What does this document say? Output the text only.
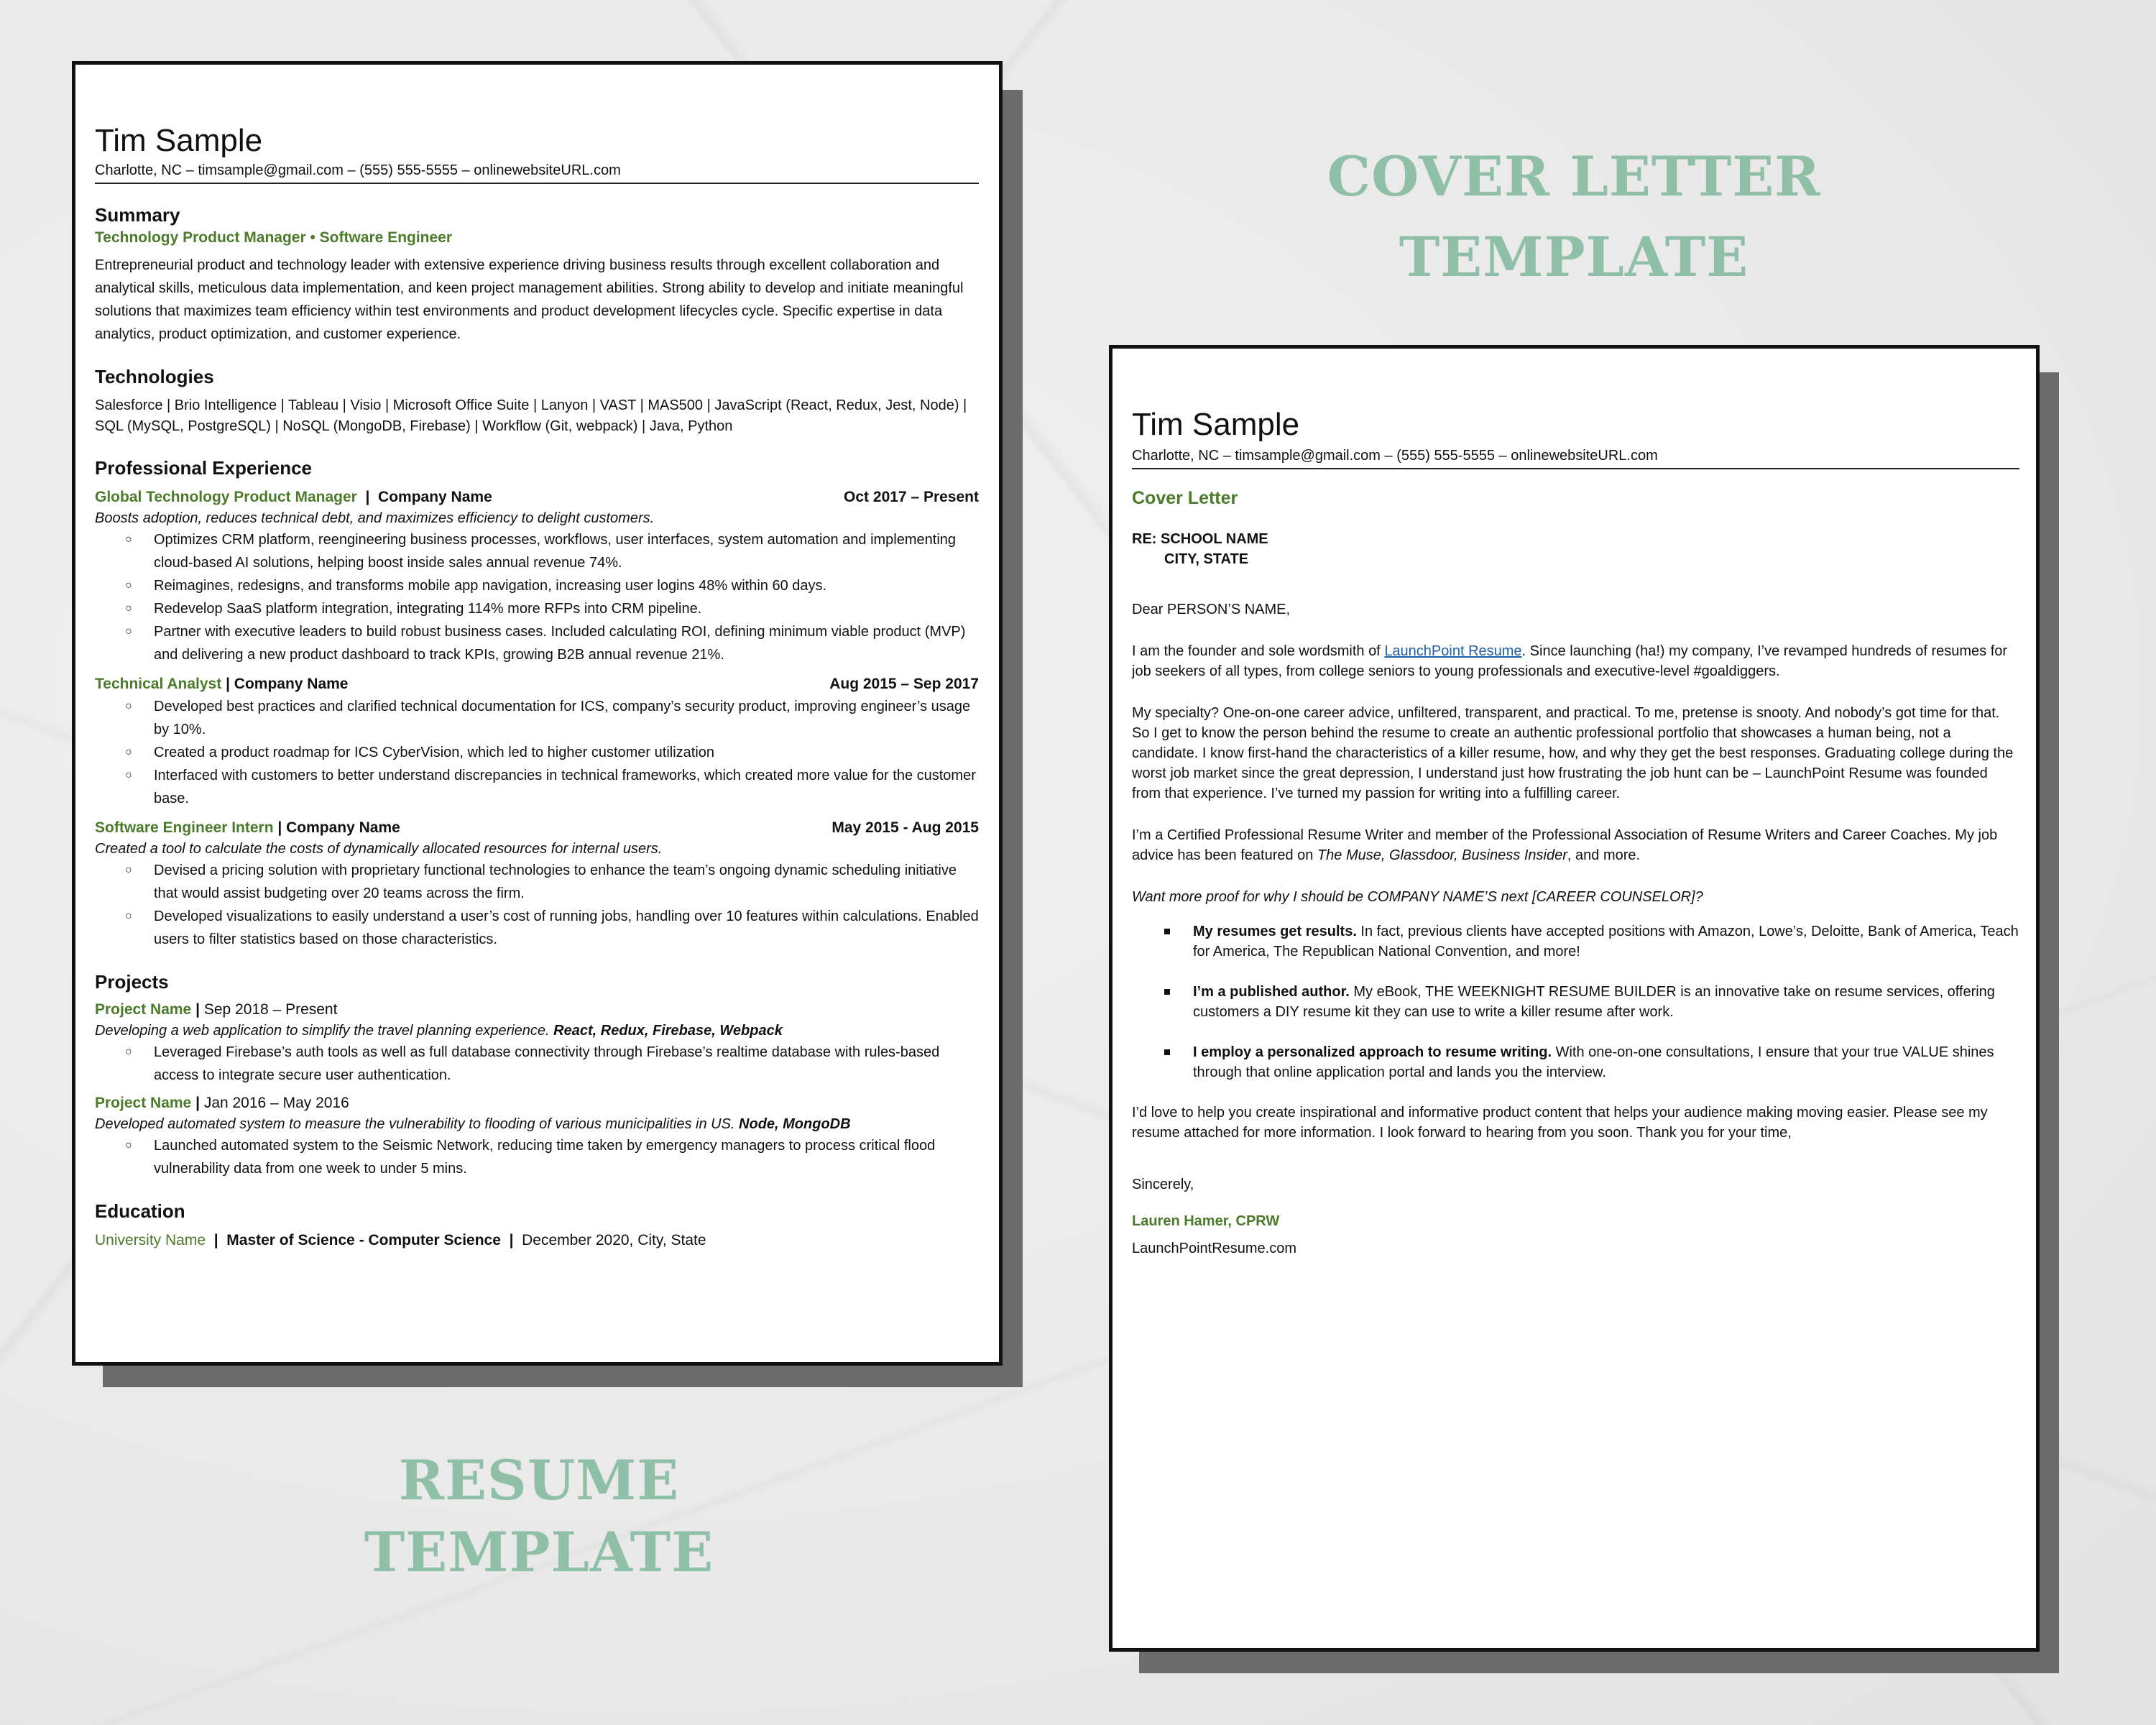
COVER LETTER
TEMPLATE
RESUME TEMPLATE
Tim Sample
Charlotte, NC – timsample@gmail.com – (555) 555-5555 – onlinewebsiteURL.com
Summary
Technology Product Manager • Software Engineer
Entrepreneurial product and technology leader with extensive experience driving business results through excellent collaboration and analytical skills, meticulous data implementation, and keen project management abilities. Strong ability to develop and initiate meaningful solutions that maximizes team efficiency within test environments and product development lifecycles cycle. Specific expertise in data analytics, product optimization, and customer experience.
Technologies
Salesforce | Brio Intelligence | Tableau | Visio | Microsoft Office Suite | Lanyon | VAST | MAS500 | JavaScript (React, Redux, Jest, Node) | SQL (MySQL, PostgreSQL) | NoSQL (MongoDB, Firebase) | Workflow (Git, webpack) | Java, Python
Professional Experience
Global Technology Product Manager  |  Company Name	Oct 2017 – Present
Boosts adoption, reduces technical debt, and maximizes efficiency to delight customers.
○ Optimizes CRM platform, reengineering business processes, workflows, user interfaces, system automation and implementing cloud-based AI solutions, helping boost inside sales annual revenue 74%.
○ Reimagines, redesigns, and transforms mobile app navigation, increasing user logins 48% within 60 days.
○ Redevelop SaaS platform integration, integrating 114% more RFPs into CRM pipeline.
○ Partner with executive leaders to build robust business cases. Included calculating ROI, defining minimum viable product (MVP) and delivering a new product dashboard to track KPIs, growing B2B annual revenue 21%.
Technical Analyst | Company Name	Aug 2015 – Sep 2017
○ Developed best practices and clarified technical documentation for ICS, company’s security product, improving engineer’s usage by 10%.
○ Created a product roadmap for ICS CyberVision, which led to higher customer utilization
○ Interfaced with customers to better understand discrepancies in technical frameworks, which created more value for the customer base.
Software Engineer Intern | Company Name	May 2015 - Aug 2015
Created a tool to calculate the costs of dynamically allocated resources for internal users.
○ Devised a pricing solution with proprietary functional technologies to enhance the team’s ongoing dynamic scheduling initiative that would assist budgeting over 20 teams across the firm.
○ Developed visualizations to easily understand a user’s cost of running jobs, handling over 10 features within calculations. Enabled users to filter statistics based on those characteristics.
Projects
Project Name | Sep 2018 – Present
Developing a web application to simplify the travel planning experience. React, Redux, Firebase, Webpack
○ Leveraged Firebase’s auth tools as well as full database connectivity through Firebase’s realtime database with rules-based access to integrate secure user authentication.
Project Name | Jan 2016 – May 2016
Developed automated system to measure the vulnerability to flooding of various municipalities in US. Node, MongoDB
○ Launched automated system to the Seismic Network, reducing time taken by emergency managers to process critical flood vulnerability data from one week to under 5 mins.
Education
University Name | Master of Science - Computer Science | December 2020, City, State
Tim Sample
Charlotte, NC – timsample@gmail.com – (555) 555-5555 – onlinewebsiteURL.com
Cover Letter
RE: SCHOOL NAME
CITY, STATE
Dear PERSON’S NAME,
I am the founder and sole wordsmith of LaunchPoint Resume. Since launching (ha!) my company, I’ve revamped hundreds of resumes for job seekers of all types, from college seniors to young professionals and executive-level #goaldiggers.
My specialty? One-on-one career advice, unfiltered, transparent, and practical. To me, pretense is snooty. And nobody’s got time for that. So I get to know the person behind the resume to create an authentic professional portfolio that showcases a human being, not a candidate. I know first-hand the characteristics of a killer resume, how, and why they get the best responses. Graduating college during the worst job market since the great depression, I understand just how frustrating the job hunt can be – LaunchPoint Resume was founded from that experience. I’ve turned my passion for writing into a fulfilling career.
I’m a Certified Professional Resume Writer and member of the Professional Association of Resume Writers and Career Coaches. My job advice has been featured on The Muse, Glassdoor, Business Insider, and more.
Want more proof for why I should be COMPANY NAME’S next [CAREER COUNSELOR]?
My resumes get results. In fact, previous clients have accepted positions with Amazon, Lowe’s, Deloitte, Bank of America, Teach for America, The Republican National Convention, and more!
I’m a published author. My eBook, THE WEEKNIGHT RESUME BUILDER is an innovative take on resume services, offering customers a DIY resume kit they can use to write a killer resume after work.
I employ a personalized approach to resume writing. With one-on-one consultations, I ensure that your true VALUE shines through that online application portal and lands you the interview.
I’d love to help you create inspirational and informative product content that helps your audience making moving easier. Please see my resume attached for more information. I look forward to hearing from you soon. Thank you for your time,
Sincerely,
Lauren Hamer, CPRW
LaunchPointResume.com
